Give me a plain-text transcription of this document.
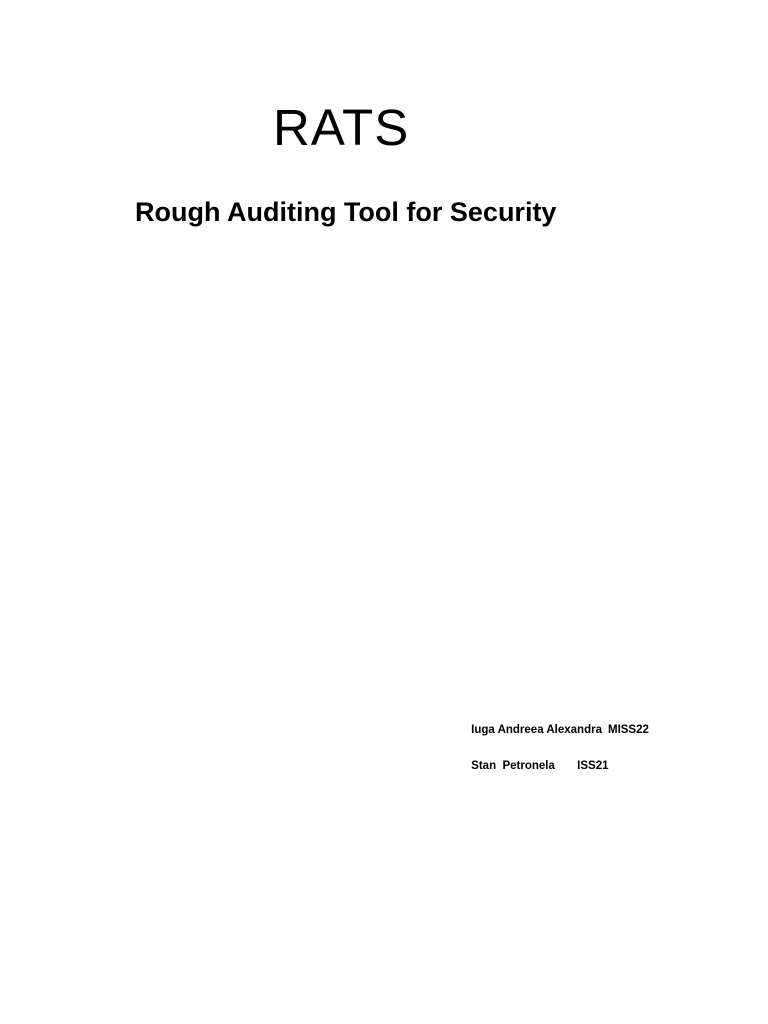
RATS
Rough Auditing Tool for Security

Iuga Andreea Alexandra MISS22

Stan  Petronela ISS21
